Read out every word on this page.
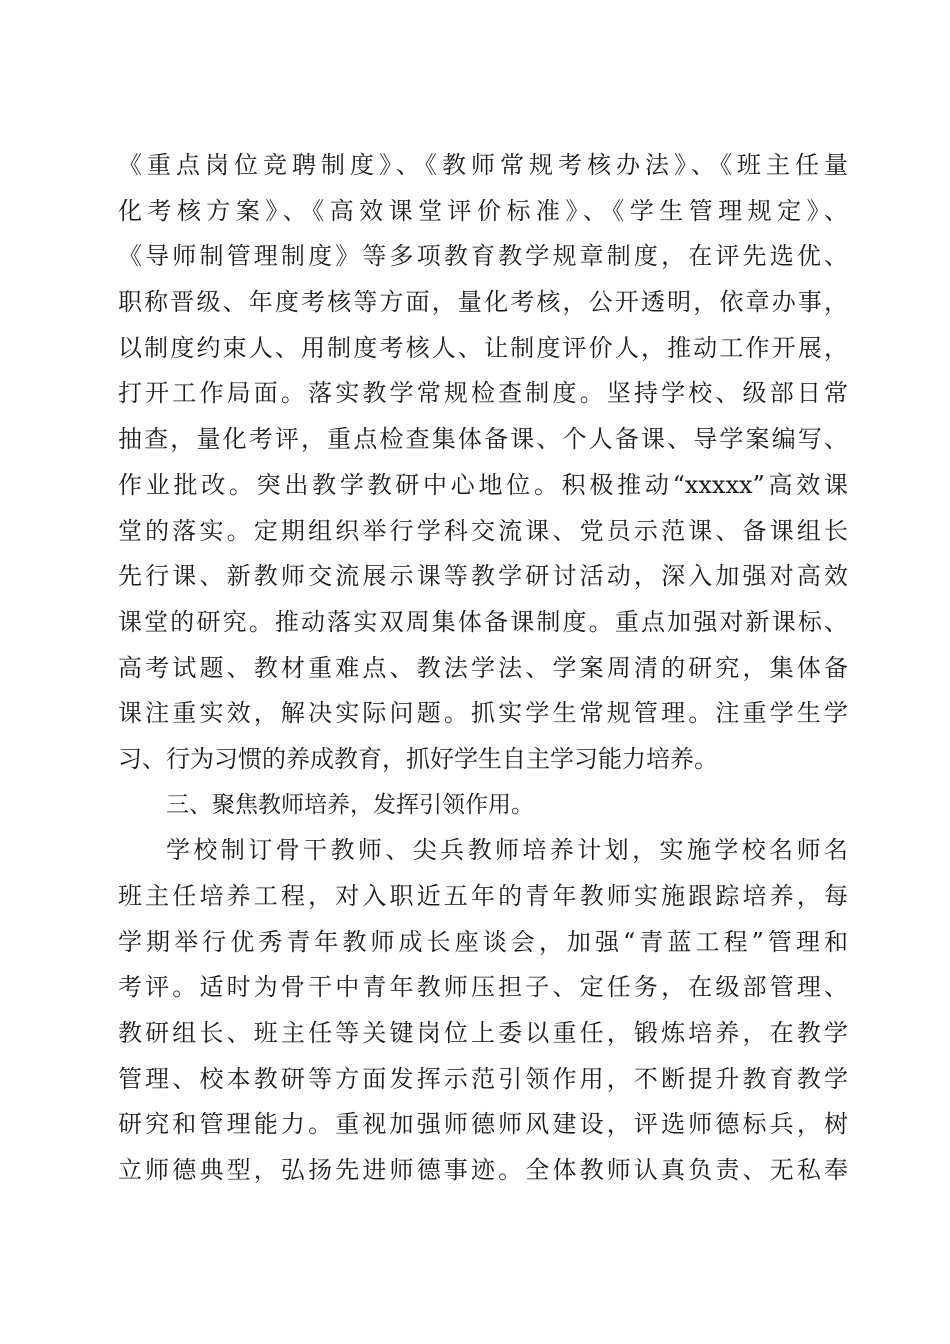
《重点岗位竞聘制度》、《教师常规考核办法》、《班主任量
化考核方案》、《高效课堂评价标准》、《学生管理规定》、
《导师制管理制度》等多项教育教学规章制度，在评先选优、
职称晋级、年度考核等方面，量化考核，公开透明，依章办事，
以制度约束人、用制度考核人、让制度评价人，推动工作开展，
打开工作局面。落实教学常规检查制度。坚持学校、级部日常
抽查，量化考评，重点检查集体备课、个人备课、导学案编写、
作业批改。突出教学教研中心地位。积极推动“xxxxx”高效课
堂的落实。定期组织举行学科交流课、党员示范课、备课组长
先行课、新教师交流展示课等教学研讨活动，深入加强对高效
课堂的研究。推动落实双周集体备课制度。重点加强对新课标、
高考试题、教材重难点、教法学法、学案周清的研究，集体备
课注重实效，解决实际问题。抓实学生常规管理。注重学生学
习、行为习惯的养成教育，抓好学生自主学习能力培养。
三、聚焦教师培养，发挥引领作用。
学校制订骨干教师、尖兵教师培养计划，实施学校名师名
班主任培养工程，对入职近五年的青年教师实施跟踪培养，每
学期举行优秀青年教师成长座谈会，加强“青蓝工程”管理和
考评。适时为骨干中青年教师压担子、定任务，在级部管理、
教研组长、班主任等关键岗位上委以重任，锻炼培养，在教学
管理、校本教研等方面发挥示范引领作用，不断提升教育教学
研究和管理能力。重视加强师德师风建设，评选师德标兵，树
立师德典型，弘扬先进师德事迹。全体教师认真负责、无私奉
